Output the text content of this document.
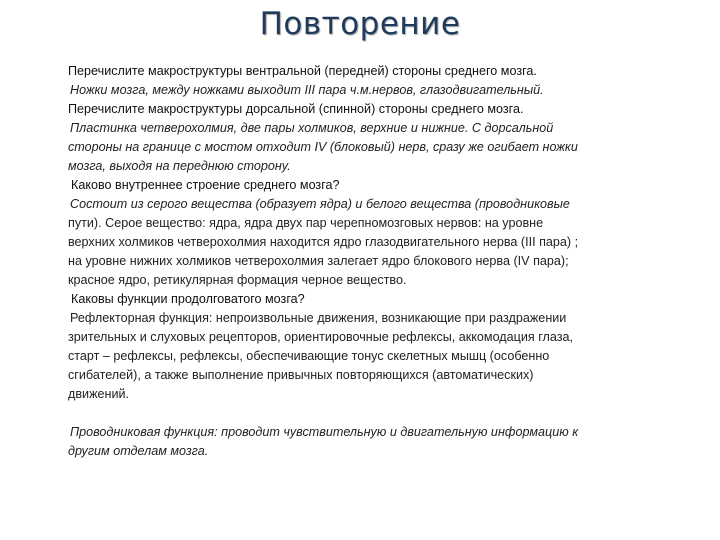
Повторение
Перечислите макроструктуры вентральной (передней) стороны среднего мозга.
Ножки мозга, между ножками выходит III пара ч.м.нервов, глазодвигательный.
Перечислите макроструктуры дорсальной (спинной) стороны среднего мозга.
Пластинка четверохолмия, две пары холмиков, верхние и нижние. С дорсальной
стороны на границе с мостом отходит IV (блоковый) нерв, сразу же огибает ножки
мозга, выходя на переднюю сторону.
Каково внутреннее строение среднего мозга?
Состоит из серого вещества (образует ядра) и белого вещества (проводниковые
пути). Серое вещество: ядра, ядра двух пар черепномозговых нервов: на уровне
верхних холмиков четверохолмия находится ядро глазодвигательного нерва (III пара) ;
на уровне нижних холмиков четверохолмия залегает ядро блокового нерва (IV пара);
красное ядро, ретикулярная формация черное вещество.
Каковы функции продолговатого мозга?
Рефлекторная функция: непроизвольные движения, возникающие при раздражении
зрительных и слуховых рецепторов, ориентировочные рефлексы, аккомодация глаза,
старт – рефлексы, рефлексы, обеспечивающие тонус скелетных мышц (особенно
сгибателей), а также выполнение привычных повторяющихся (автоматических)
движений.
Проводниковая функция: проводит чувствительную и двигательную информацию к
другим отделам мозга.
